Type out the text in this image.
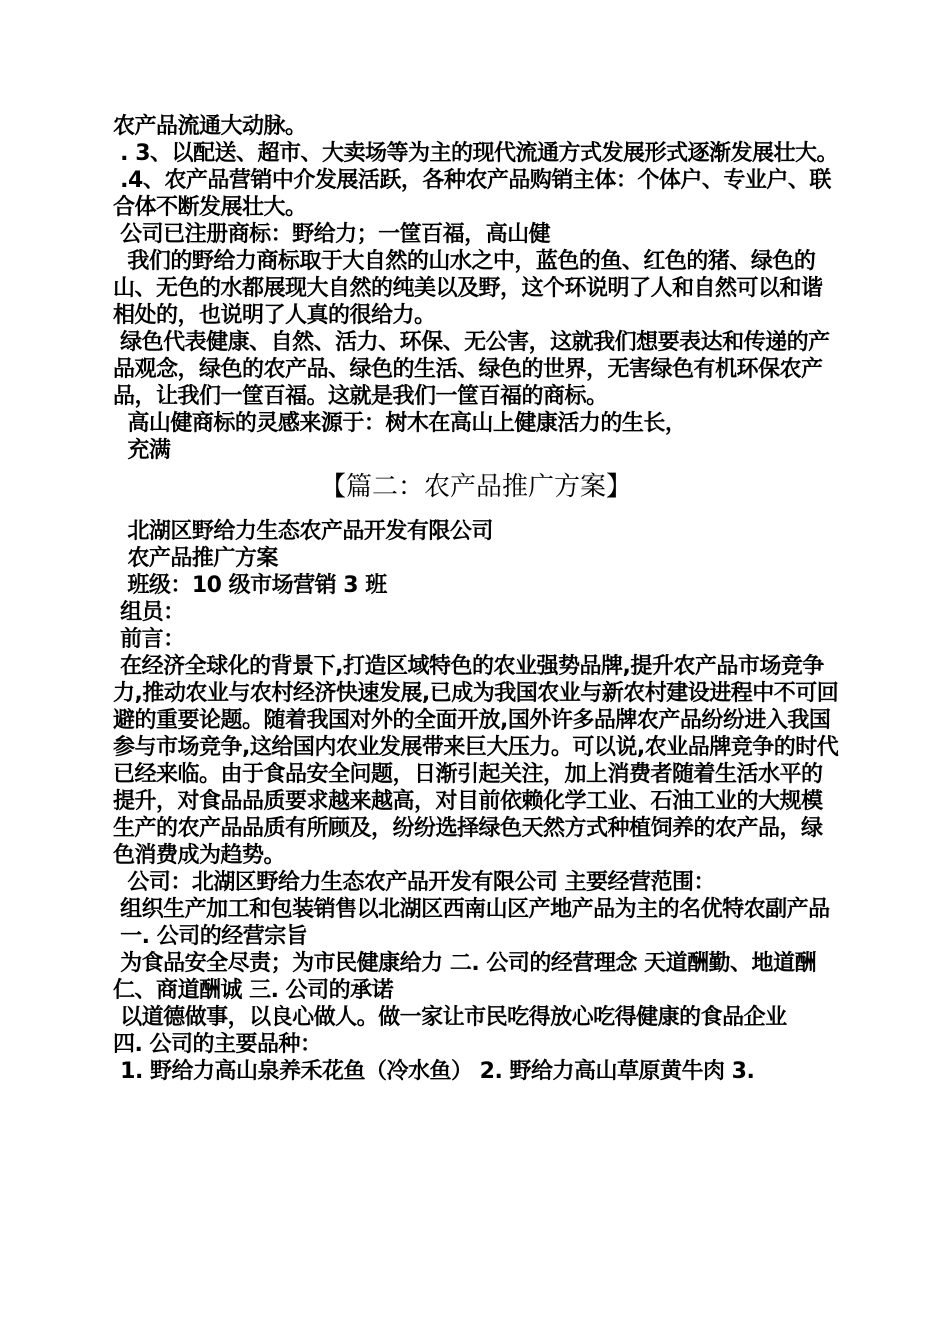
农产品流通大动脉。

. 3、以配送、超市、大卖场等为主的现代流通方式发展形式逐渐发展壮大。

.4、农产品营销中介发展活跃，各种农产品购销主体：个体户、专业户、联合体不断发展壮大。

公司已注册商标：野给力；一筐百福，高山健

我们的野给力商标取于大自然的山水之中，蓝色的鱼、红色的猪、绿色的山、无色的水都展现大自然的纯美以及野，这个环说明了人和自然可以和谐相处的，也说明了人真的很给力。

绿色代表健康、自然、活力、环保、无公害，这就我们想要表达和传递的产品观念，绿色的农产品、绿色的生活、绿色的世界，无害绿色有机环保农产品，让我们一筐百福。这就是我们一筐百福的商标。

高山健商标的灵感来源于：树木在高山上健康活力的生长，

充满

【篇二：农产品推广方案】

北湖区野给力生态农产品开发有限公司

农产品推广方案

班级：10 级市场营销 3 班

组员：

前言：

在经济全球化的背景下,打造区域特色的农业强势品牌,提升农产品市场竞争力,推动农业与农村经济快速发展,已成为我国农业与新农村建设进程中不可回避的重要论题。随着我国对外的全面开放,国外许多品牌农产品纷纷进入我国参与市场竞争,这给国内农业发展带来巨大压力。可以说,农业品牌竞争的时代已经来临。由于食品安全问题，日渐引起关注，加上消费者随着生活水平的提升，对食品品质要求越来越高，对目前依赖化学工业、石油工业的大规模生产的农产品品质有所顾及，纷纷选择绿色天然方式种植饲养的农产品，绿色消费成为趋势。

公司：北湖区野给力生态农产品开发有限公司 主要经营范围：

组织生产加工和包装销售以北湖区西南山区产地产品为主的名优特农副产品

一. 公司的经营宗旨

为食品安全尽责；为市民健康给力 二. 公司的经营理念 天道酬勤、地道酬仁、商道酬诚 三. 公司的承诺

以道德做事，以良心做人。做一家让市民吃得放心吃得健康的食品企业

四. 公司的主要品种：

1. 野给力高山泉养禾花鱼（冷水鱼） 2. 野给力高山草原黄牛肉 3.
